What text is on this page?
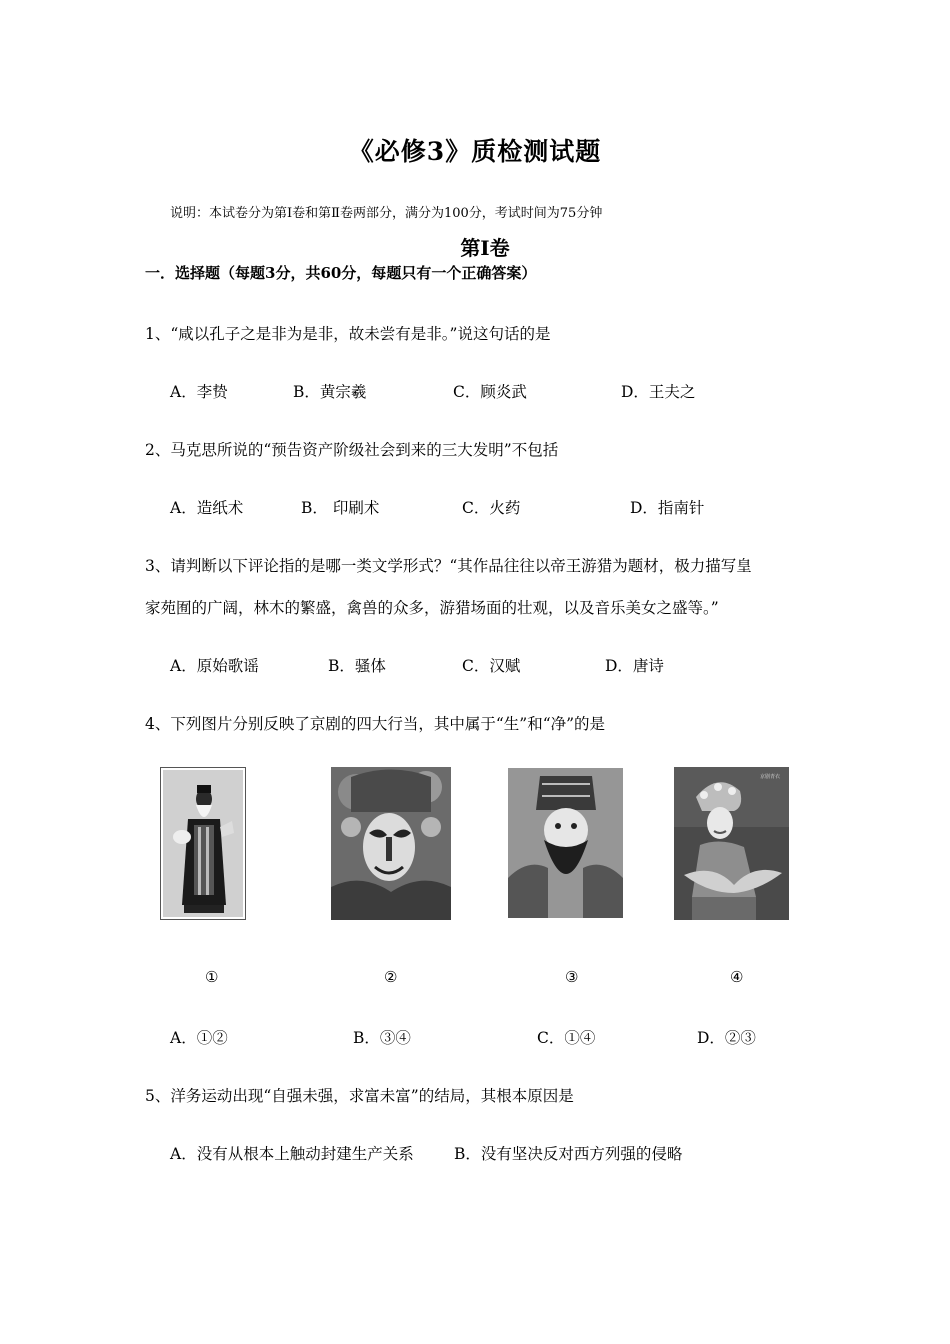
《必修3》质检测试题
说明：本试卷分为第Ⅰ卷和第Ⅱ卷两部分，满分为100分，考试时间为75分钟
第Ⅰ卷
一．选择题（每题3分，共60分，每题只有一个正确答案）
1、“咸以孔子之是非为是非，故未尝有是非。”说这句话的是
A．李贽	B．黄宗羲	C．顾炎武	D．王夫之
2、马克思所说的“预告资产阶级社会到来的三大发明”不包括
A．造纸术	B． 印刷术	C．火药	D．指南针
3、请判断以下评论指的是哪一类文学形式？“其作品往往以帝王游猎为题材，极力描写皇
家苑囿的广阔，林木的繁盛，禽兽的众多，游猎场面的壮观，以及音乐美女之盛等。”
A．原始歌谣	B．骚体	C．汉赋	D．唐诗
4、下列图片分别反映了京剧的四大行当，其中属于“生”和“净”的是
京剧青衣
①	②	③	④
A．①②	B．③④	C．①④	D．②③
5、洋务运动出现“自强未强，求富未富”的结局，其根本原因是
A．没有从根本上触动封建生产关系	B．没有坚决反对西方列强的侵略
